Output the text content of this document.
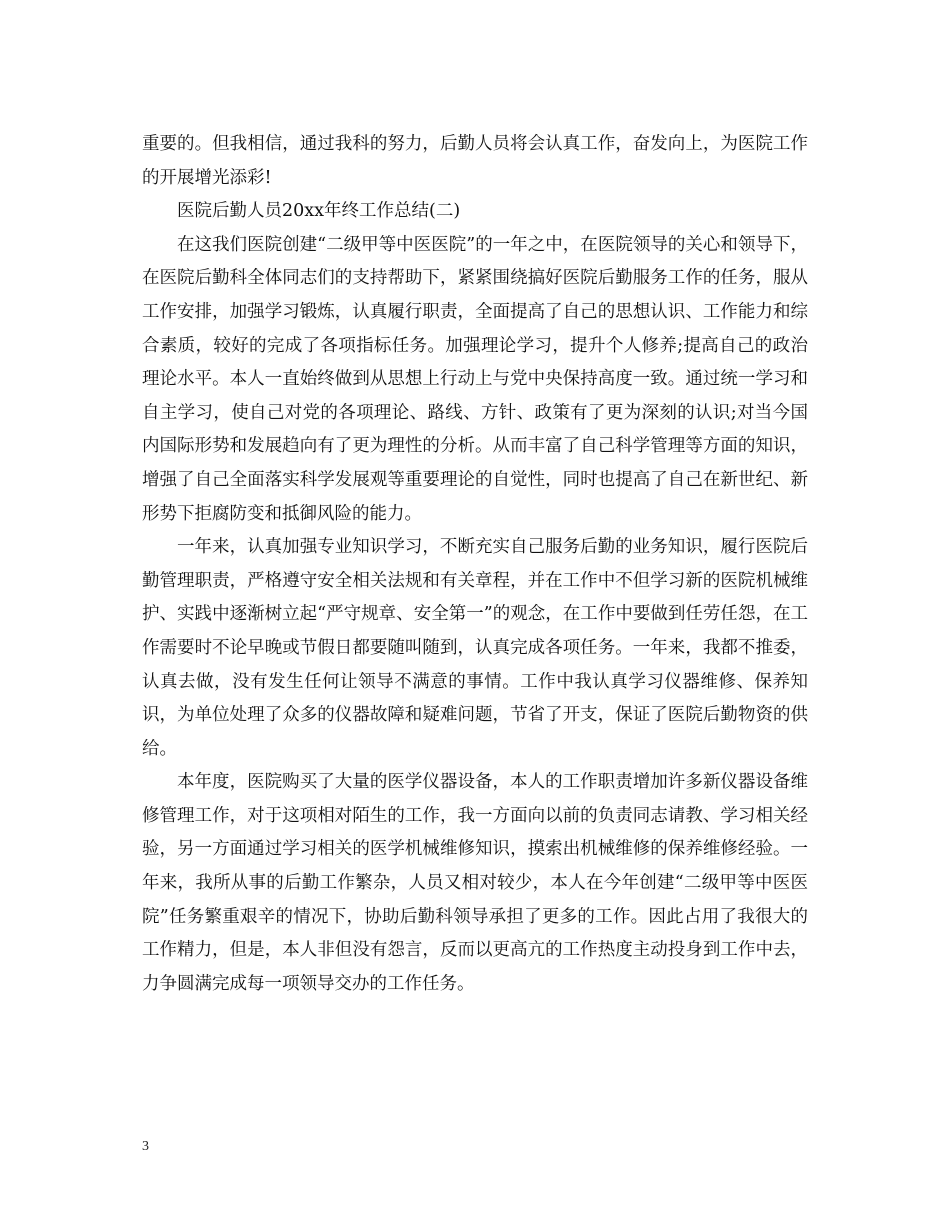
重要的。但我相信，通过我科的努力，后勤人员将会认真工作，奋发向上，为医院工作的开展增光添彩!

医院后勤人员20xx年终工作总结(二)

在这我们医院创建“二级甲等中医医院”的一年之中，在医院领导的关心和领导下，在医院后勤科全体同志们的支持帮助下，紧紧围绕搞好医院后勤服务工作的任务，服从工作安排，加强学习锻炼，认真履行职责，全面提高了自己的思想认识、工作能力和综合素质，较好的完成了各项指标任务。加强理论学习，提升个人修养;提高自己的政治理论水平。本人一直始终做到从思想上行动上与党中央保持高度一致。通过统一学习和自主学习，使自己对党的各项理论、路线、方针、政策有了更为深刻的认识;对当今国内国际形势和发展趋向有了更为理性的分析。从而丰富了自己科学管理等方面的知识，增强了自己全面落实科学发展观等重要理论的自觉性，同时也提高了自己在新世纪、新形势下拒腐防变和抵御风险的能力。

一年来，认真加强专业知识学习，不断充实自己服务后勤的业务知识，履行医院后勤管理职责，严格遵守安全相关法规和有关章程，并在工作中不但学习新的医院机械维护、实践中逐渐树立起“严守规章、安全第一”的观念，在工作中要做到任劳任怨，在工作需要时不论早晚或节假日都要随叫随到，认真完成各项任务。一年来，我都不推委，认真去做，没有发生任何让领导不满意的事情。工作中我认真学习仪器维修、保养知识，为单位处理了众多的仪器故障和疑难问题，节省了开支，保证了医院后勤物资的供给。

本年度，医院购买了大量的医学仪器设备，本人的工作职责增加许多新仪器设备维修管理工作，对于这项相对陌生的工作，我一方面向以前的负责同志请教、学习相关经验，另一方面通过学习相关的医学机械维修知识，摸索出机械维修的保养维修经验。一年来，我所从事的后勤工作繁杂，人员又相对较少，本人在今年创建“二级甲等中医医院”任务繁重艰辛的情况下，协助后勤科领导承担了更多的工作。因此占用了我很大的工作精力，但是，本人非但没有怨言，反而以更高亢的工作热度主动投身到工作中去，力争圆满完成每一项领导交办的工作任务。

3
